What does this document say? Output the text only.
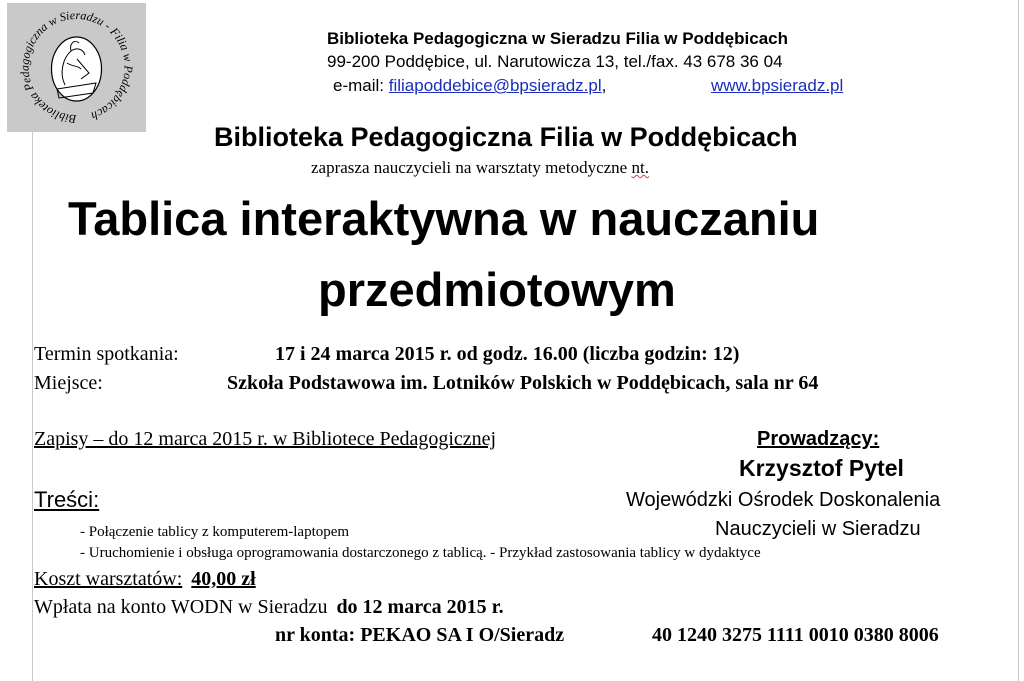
Biblioteka Pedagogiczna w Sieradzu - Filia w Poddębicach
Biblioteka Pedagogiczna w Sieradzu Filia w Poddębicach
99-200 Poddębice, ul. Narutowicza 13, tel./fax. 43 678 36 04
e-mail: filiapoddebice@bpsieradz.pl,	www.bpsieradz.pl
Biblioteka Pedagogiczna Filia w Poddębicach
zaprasza nauczycieli na warsztaty metodyczne nt.
Tablica interaktywna w nauczaniu
przedmiotowym
Termin spotkania:	17 i 24 marca 2015 r. od godz. 16.00 (liczba godzin: 12)
Miejsce:	Szkoła Podstawowa im. Lotników Polskich w Poddębicach, sala nr 64
Zapisy – do 12 marca 2015 r. w Bibliotece Pedagogicznej	Prowadzący:
Krzysztof Pytel
Wojewódzki Ośrodek Doskonalenia
Nauczycieli w Sieradzu
Treści:
- Połączenie tablicy z komputerem-laptopem
- Uruchomienie i obsługa oprogramowania dostarczonego z tablicą. - Przykład zastosowania tablicy w dydaktyce
Koszt warsztatów: 40,00 zł
Wpłata na konto WODN w Sieradzu do 12 marca 2015 r.
nr konta: PEKAO SA I O/Sieradz	40 1240 3275 1111 0010 0380 8006
